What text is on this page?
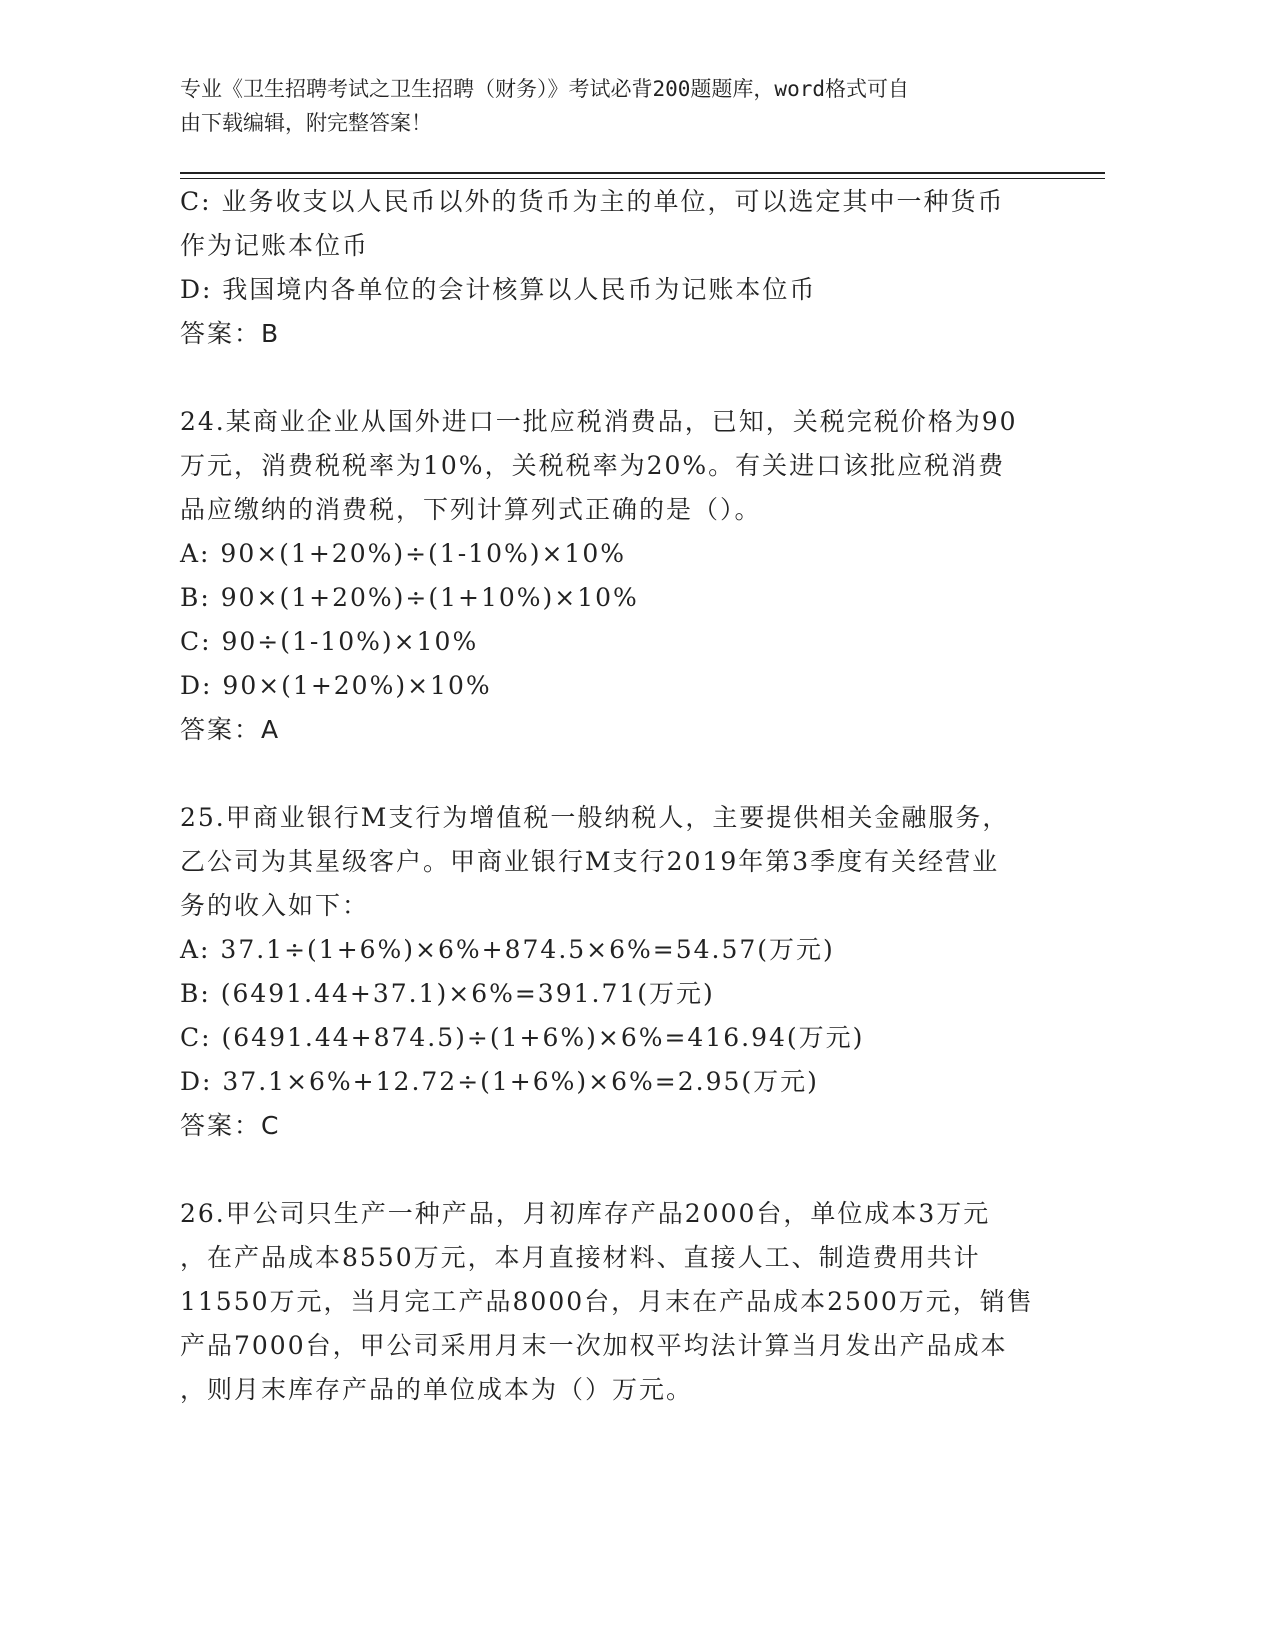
专业《卫生招聘考试之卫生招聘（财务）》考试必背200题题库，word格式可自
由下载编辑，附完整答案！
C: 业务收支以人民币以外的货币为主的单位，可以选定其中一种货币
作为记账本位币
D: 我国境内各单位的会计核算以人民币为记账本位币
答案：B
24.某商业企业从国外进口一批应税消费品，已知，关税完税价格为90
万元，消费税税率为10%，关税税率为20%。有关进口该批应税消费
品应缴纳的消费税，下列计算列式正确的是（）。
A: 90×(1+20%)÷(1-10%)×10%
B: 90×(1+20%)÷(1+10%)×10%
C: 90÷(1-10%)×10%
D: 90×(1+20%)×10%
答案：A
25.甲商业银行M支行为增值税一般纳税人，主要提供相关金融服务，
乙公司为其星级客户。甲商业银行M支行2019年第3季度有关经营业
务的收入如下：
A: 37.1÷(1+6%)×6%+874.5×6%=54.57(万元)
B: (6491.44+37.1)×6%=391.71(万元)
C: (6491.44+874.5)÷(1+6%)×6%=416.94(万元)
D: 37.1×6%+12.72÷(1+6%)×6%=2.95(万元)
答案：C
26.甲公司只生产一种产品，月初库存产品2000台，单位成本3万元
，在产品成本8550万元，本月直接材料、直接人工、制造费用共计
11550万元，当月完工产品8000台，月末在产品成本2500万元，销售
产品7000台，甲公司采用月末一次加权平均法计算当月发出产品成本
，则月末库存产品的单位成本为（）万元。
